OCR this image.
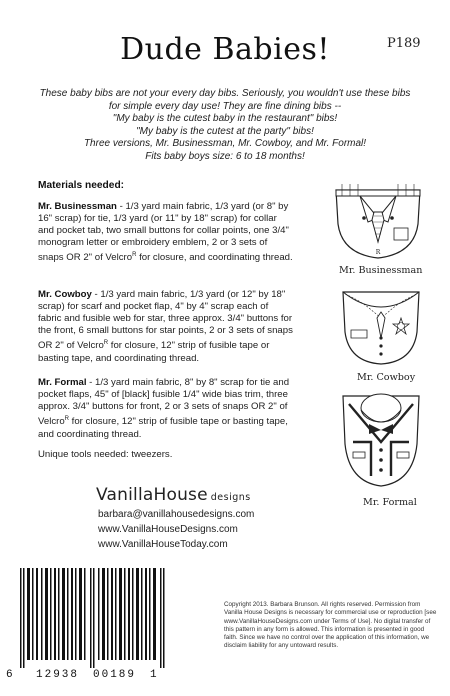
Dude Babies!	P189
These baby bibs are not your every day bibs. Seriously, you wouldn't use these bibs
for simple every day use! They are fine dining bibs --
"My baby is the cutest baby in the restaurant" bibs!
"My baby is the cutest at the party" bibs!
Three versions, Mr. Businessman, Mr. Cowboy, and Mr. Formal!
Fits baby boys size: 6 to 18 months!
Materials needed:
Mr. Businessman - 1/3 yard main fabric, 1/3 yard (or 8" by 16" scrap) for tie, 1/3 yard (or 11" by 18" scrap) for collar and pocket tab, two small buttons for collar points, one 3/4" monogram letter or embroidery emblem, 2 or 3 sets of snaps OR 2" of Velcro$^R$ for closure, and coordinating thread.
Mr. Cowboy - 1/3 yard main fabric, 1/3 yard (or 12" by 18" scrap) for scarf and pocket flap, 4" by 4" scrap each of fabric and fusible web for star, three approx. 3/4" buttons for the front, 6 small buttons for star points, 2 or 3 sets of snaps OR 2" of Velcro$^R$ for closure, 12" strip of fusible tape or basting tape, and coordinating thread.
Mr. Formal - 1/3 yard main fabric, 8" by 8" scrap for tie and pocket flaps, 45" of [black] fusible 1/4" wide bias trim, three approx. 3/4" buttons for front, 2 or 3 sets of snaps OR 2" of Velcro$^R$ for closure, 12" strip of fusible tape or basting tape, and coordinating thread.
Unique tools needed: tweezers.
VanillaHouse designs
barbara@vanillahousedesigns.com
www.VanillaHouseDesigns.com
www.VanillaHouseToday.com
R
Mr. Businessman
Mr. Cowboy
Mr. Formal
6 12938 00189 1
Copyright 2013. Barbara Brunson. All rights reserved. Permission from Vanilla House Designs is necessary for commercial use or reproduction [see www.VanillaHouseDesigns.com under Terms of Use]. No digital transfer of this pattern in any form is allowed. This information is presented in good faith. Since we have no control over the application of this information, we disclaim liability for any untoward results.
